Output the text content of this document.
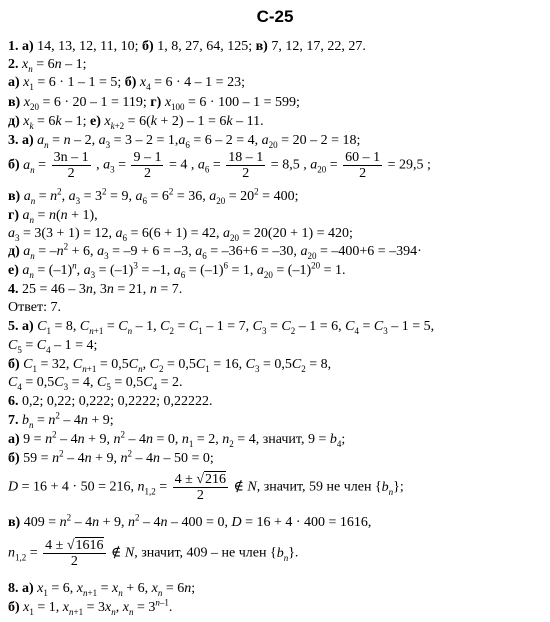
С-25
1. а) 14, 13, 12, 11, 10; б) 1, 8, 27, 64, 125; в) 7, 12, 17, 22, 27.
2. $x_n = 6n - 1$;
а) $x_1 = 6 \cdot 1 - 1 = 5$; б) $x_4 = 6 \cdot 4 - 1 = 23$;
в) $x_{20} = 6 \cdot 20 - 1 = 119$; г) $x_{100} = 6 \cdot 100 - 1 = 599$;
д) $x_k = 6k - 1$; е) $x_{k+2} = 6(k + 2) - 1 = 6k - 11$.
3. а) $a_n = n - 2$, $a_3 = 3 - 2 = 1,a_6 = 6 - 2 = 4$, $a_{20} = 20 - 2 = 18$;
б) $a_n = \frac{3n - 1}{2}$ , $a_3 = \frac{9 - 1}{2} = 4$ , $a_6 = \frac{18 - 1}{2} = 8,5$ , $a_{20} = \frac{60 - 1}{2} = 29,5$ ;
в) $a_n = n^2$, $a_3 = 3^2 = 9$, $a_6 = 6^2 = 36$, $a_{20} = 20^2 = 400$;
г) $a_n = n(n + 1)$,
$a_3 = 3(3 + 1) = 12$, $a_6 = 6(6 + 1) = 42$, $a_{20} = 20(20 + 1) = 420$;
д) $a_n = -n^2 + 6$, $a_3 = -9 + 6 = -3$, $a_6 = -36+6 = -30$, $a_{20} = -400+6 = -394\cdot$
е) $a_n = (-1)^n$, $a_3 = (-1)^3 = -1$, $a_6 = (-1)^6 = 1$, $a_{20} = (-1)^{20} = 1$.
4. 25 = 46 – 3n, 3n = 21, n = 7.
Ответ: 7.
5. а) $C_1 = 8$, $C_{n+1} = C_n - 1$, $C_2 = C_1 - 1 = 7$, $C_3 = C_2 - 1 = 6$, $C_4 = C_3 - 1 = 5$,
$C_5 = C_4 - 1 = 4$;
б) $C_1 = 32$, $C_{n+1} = 0,5C_n$, $C_2 = 0,5C_1 = 16$, $C_3 = 0,5C_2 = 8$,
$C_4 = 0,5C_3 = 4$, $C_5 = 0,5C_4 = 2$.
6. 0,2; 0,22; 0,222; 0,2222; 0,22222.
7. $b_n = n^2 - 4n + 9$;
а) $9 = n^2 - 4n + 9$, $n^2 - 4n = 0$, $n_1 = 2$, $n_2 = 4$, значит, $9 = b_4$;
б) $59 = n^2 - 4n + 9$, $n^2 - 4n - 50 = 0$;
D = 16 + 4 · 50 = 216, $n_{1,2} = \frac{4 \pm √216}{2}$ ∉ N, значит, 59 не член $\{b_n\}$;
в) $409 = n^2 - 4n + 9$, $n^2 - 4n - 400 = 0$, D = 16 + 4 · 400 = 1616,
$n_{1,2} = \frac{4 \pm √1616}{2}$ ∉ N, значит, 409 – не член $\{b_n\}$.
8. а) $x_1 = 6$, $x_{n+1} = x_n + 6$, $x_n = 6n$;
б) $x_1 = 1$, $x_{n+1} = 3x_n$, $x_n = 3^{n-1}$.
